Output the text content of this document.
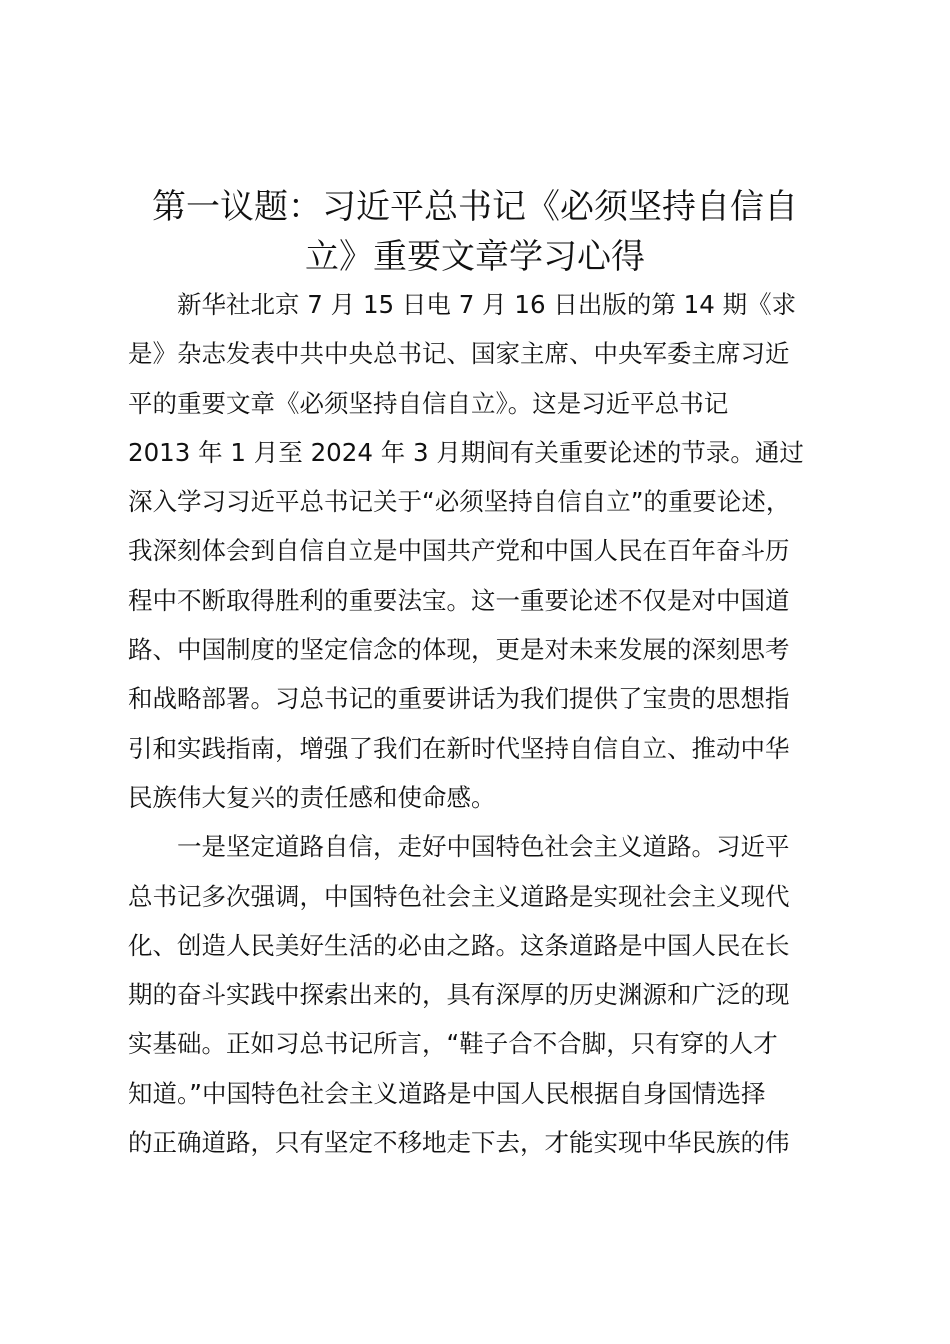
第一议题：习近平总书记《必须坚持自信自
立》重要文章学习心得
　　新华社北京 7 月 15 日电 7 月 16 日出版的第 14 期《求
是》杂志发表中共中央总书记、国家主席、中央军委主席习近
平的重要文章《必须坚持自信自立》。这是习近平总书记
2013 年 1 月至 2024 年 3 月期间有关重要论述的节录。通过
深入学习习近平总书记关于“必须坚持自信自立”的重要论述，
我深刻体会到自信自立是中国共产党和中国人民在百年奋斗历
程中不断取得胜利的重要法宝。这一重要论述不仅是对中国道
路、中国制度的坚定信念的体现，更是对未来发展的深刻思考
和战略部署。习总书记的重要讲话为我们提供了宝贵的思想指
引和实践指南，增强了我们在新时代坚持自信自立、推动中华
民族伟大复兴的责任感和使命感。
　　一是坚定道路自信，走好中国特色社会主义道路。习近平
总书记多次强调，中国特色社会主义道路是实现社会主义现代
化、创造人民美好生活的必由之路。这条道路是中国人民在长
期的奋斗实践中探索出来的，具有深厚的历史渊源和广泛的现
实基础。正如习总书记所言，“鞋子合不合脚，只有穿的人才
知道。”中国特色社会主义道路是中国人民根据自身国情选择
的正确道路，只有坚定不移地走下去，才能实现中华民族的伟
